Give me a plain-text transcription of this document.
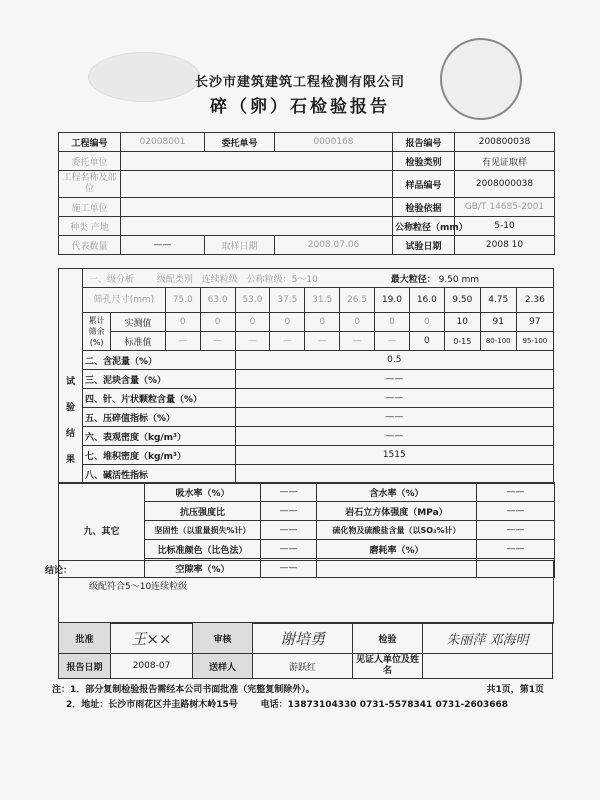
长沙市建筑建筑工程检测有限公司
碎（卵）石检验报告
工程编号	02008001	委托单号	0000168	报告编号	200800038
委托单位				检验类别	有见证取样
工程名称及部位				样品编号	2008000038
施工单位				检验依据	GB/T 14685-2001
种类 产地				公称粒径（mm）	5-10
代表数量	——	取样日期	2008.07.06	试验日期	2008 10
试
验
结
果	一、级分析 级配类别 连续粒级 公称粒级：5～10 最大粒径： 9.50 mm												
	筛孔尺寸(mm)		75.0	63.0	53.0	37.5	31.5	26.5	19.0	16.0	9.50	4.75	2.36
	累计筛余(%)	实测值	0	0	0	0	0	0	0	0	10	91	97
		标准值	—	—	—	—	—	—	—	0	0-15	80-100	95-100
	二、含泥量（%）				0.5								
	三、泥块含量（%）				——								
	四、针、片状颗粒含量（%）				——								
	五、压碎值指标（%）				——								
	六、表观密度（kg/m³）				——								
	七、堆积密度（kg/m³）				1515								
	八、碱活性指标												
九、其它	吸水率（%）	——	含水率（%）	——
	抗压强度比	——	岩石立方体强度（MPa）	——
	坚固性（以重量损失%计）	——	硫化物及硫酸盐含量（以SO₃%计）	——
	比标准颜色（比色法）	——	磨耗率（%）	——
	空隙率（%）	——		
结论：
级配符合5～10连续粒级
批准	王××	审核	谢培勇	检验	朱丽萍 邓海明
报告日期	2008-07	送样人	游跃红	见证人单位及姓名	
注：1．部分复制检验报告需经本公司书面批准（完整复制除外）。	共1页，第1页
2．地址：长沙市雨花区井圭路树木岭15号	电话：13873104330 0731-5578341 0731-2603668
